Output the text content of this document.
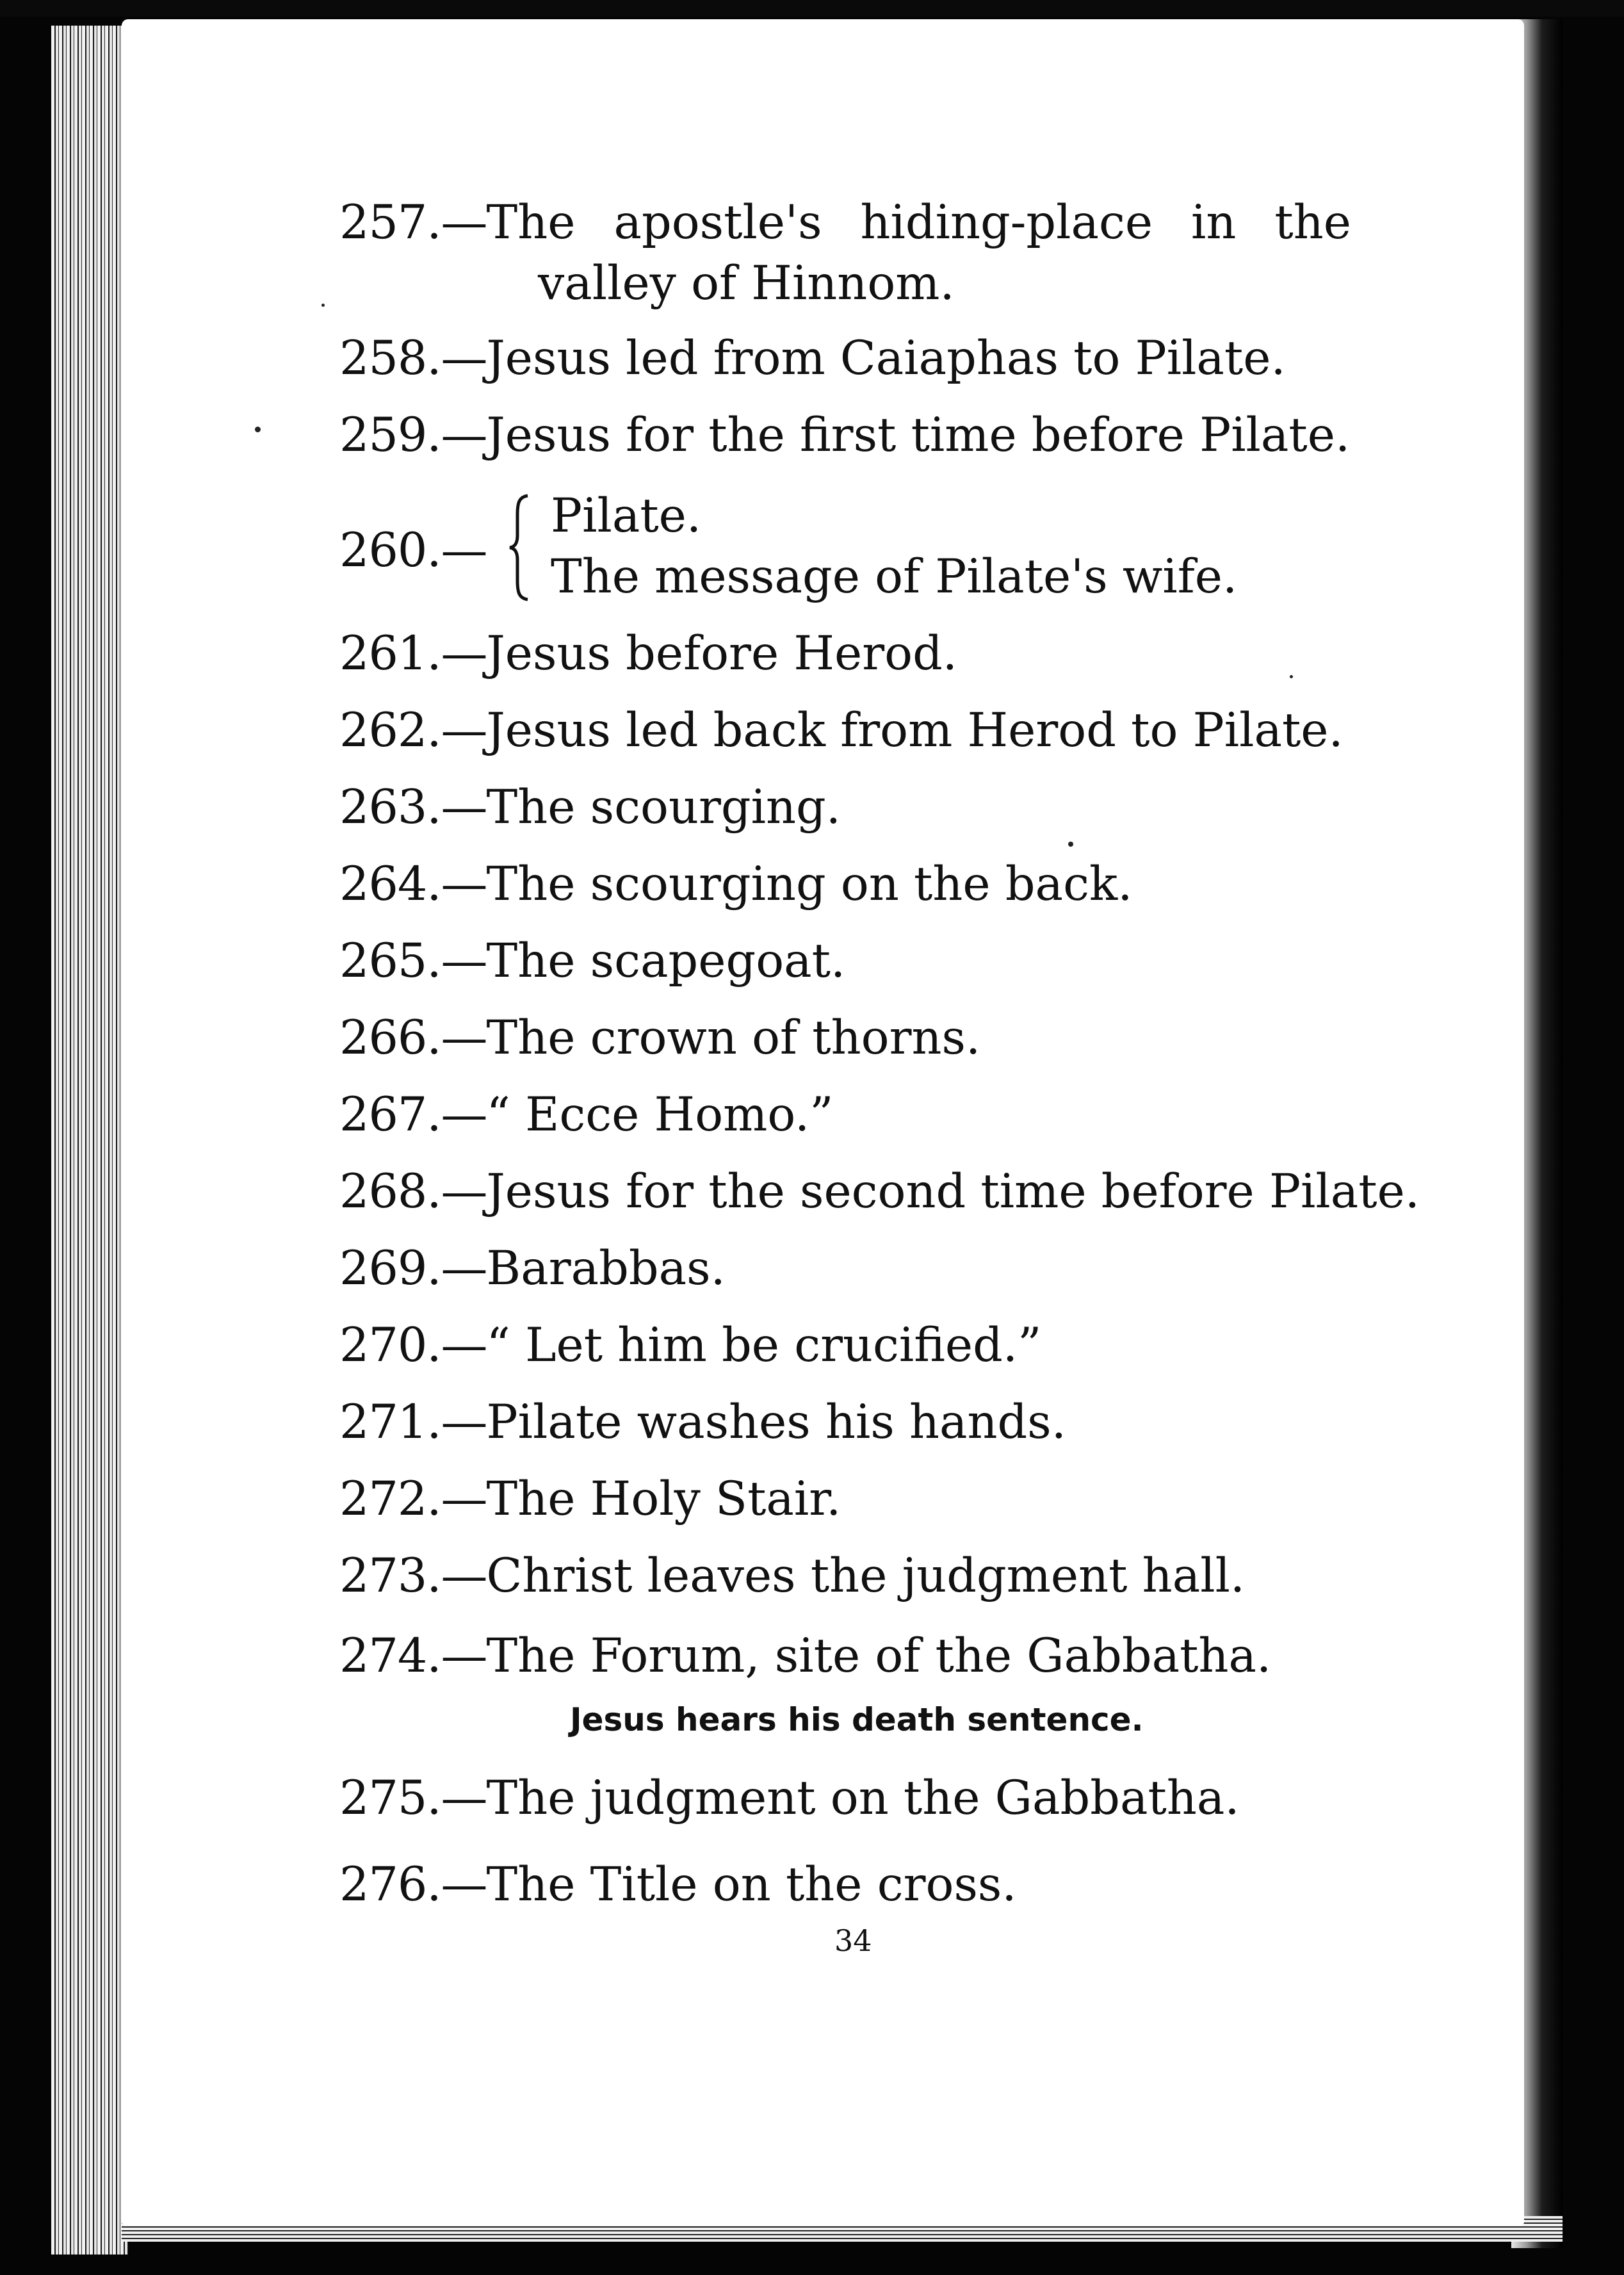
257.—The apostle's hiding-place in the
valley of Hinnom.
258.—Jesus led from Caiaphas to Pilate.
259.—Jesus for the first time before Pilate.
260.—
Pilate.
The message of Pilate's wife.
261.—Jesus before Herod.
262.—Jesus led back from Herod to Pilate.
263.—The scourging.
264.—The scourging on the back.
265.—The scapegoat.
266.—The crown of thorns.
267.—“ Ecce Homo.”
268.—Jesus for the second time before Pilate.
269.—Barabbas.
270.—“ Let him be crucified.”
271.—Pilate washes his hands.
272.—The Holy Stair.
273.—Christ leaves the judgment hall.
274.—The Forum, site of the Gabbatha.
Jesus hears his death sentence.
275.—The judgment on the Gabbatha.
276.—The Title on the cross.
34
